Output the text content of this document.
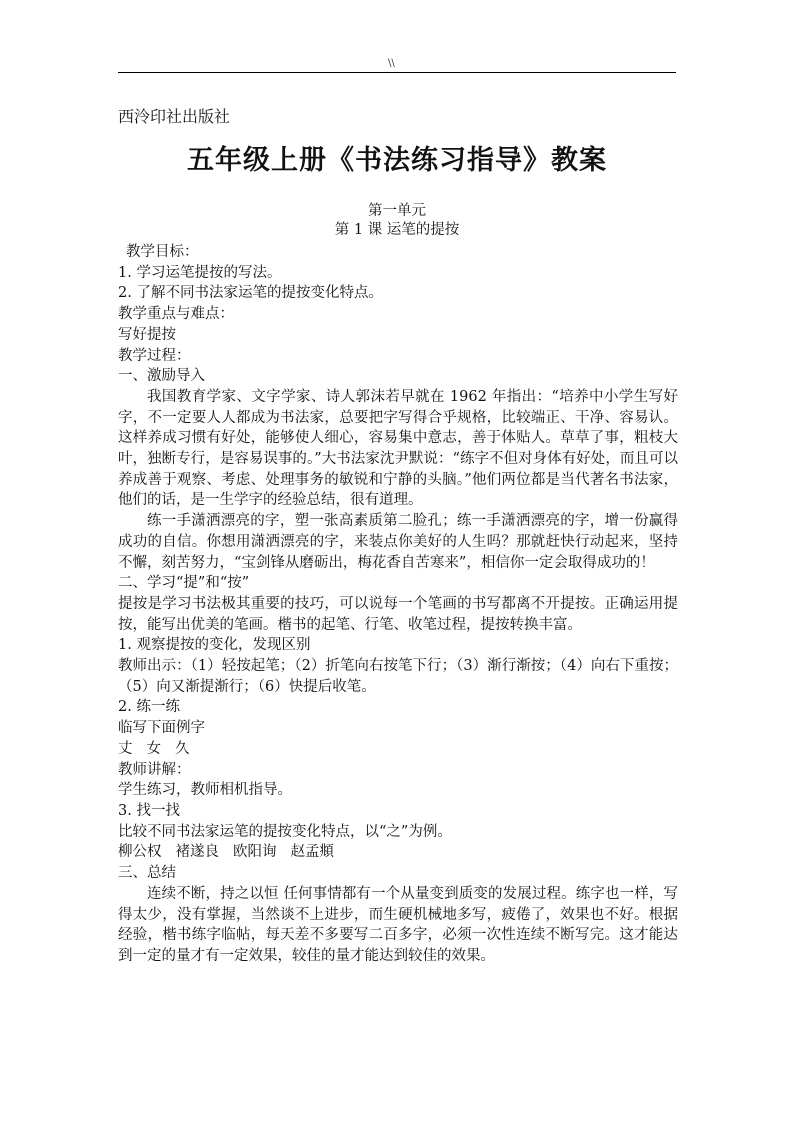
\\
西泠印社出版社
五年级上册《书法练习指导》教案
第一单元
第 1 课 运笔的提按

教学目标：

1. 学习运笔提按的写法。

2. 了解不同书法家运笔的提按变化特点。

教学重点与难点：

写好提按

教学过程：

一、激励导入

我国教育学家、文字学家、诗人郭沫若早就在 1962 年指出：“培养中小学生写好字，不一定要人人都成为书法家，总要把字写得合乎规格，比较端正、干净、容易认。这样养成习惯有好处，能够使人细心，容易集中意志，善于体贴人。草草了事，粗枝大叶，独断专行，是容易误事的。”大书法家沈尹默说：“练字不但对身体有好处，而且可以养成善于观察、考虑、处理事务的敏锐和宁静的头脑。”他们两位都是当代著名书法家，他们的话，是一生学字的经验总结，很有道理。

练一手潇洒漂亮的字，塑一张高素质第二脸孔；练一手潇洒漂亮的字，增一份赢得成功的自信。你想用潇洒漂亮的字，来装点你美好的人生吗？那就赶快行动起来，坚持不懈，刻苦努力，“宝剑锋从磨砺出，梅花香自苦寒来”，相信你一定会取得成功的！

二、学习“提”和“按”

提按是学习书法极其重要的技巧，可以说每一个笔画的书写都离不开提按。正确运用提按，能写出优美的笔画。楷书的起笔、行笔、收笔过程，提按转换丰富。

1. 观察提按的变化，发现区别

教师出示：（1）轻按起笔；（2）折笔向右按笔下行；（3）渐行渐按；（4）向右下重按；（5）向又渐提渐行；（6）快提后收笔。

2. 练一练

临写下面例字

丈 女 久

教师讲解：

学生练习，教师相机指导。

3. 找一找

比较不同书法家运笔的提按变化特点，以“之”为例。

柳公权 褚遂良 欧阳询 赵孟頫

三、总结

连续不断，持之以恒 任何事情都有一个从量变到质变的发展过程。练字也一样，写得太少，没有掌握，当然谈不上进步，而生硬机械地多写，疲倦了，效果也不好。根据经验，楷书练字临帖，每天差不多要写二百多字，必须一次性连续不断写完。这才能达到一定的量才有一定效果，较佳的量才能达到较佳的效果。
